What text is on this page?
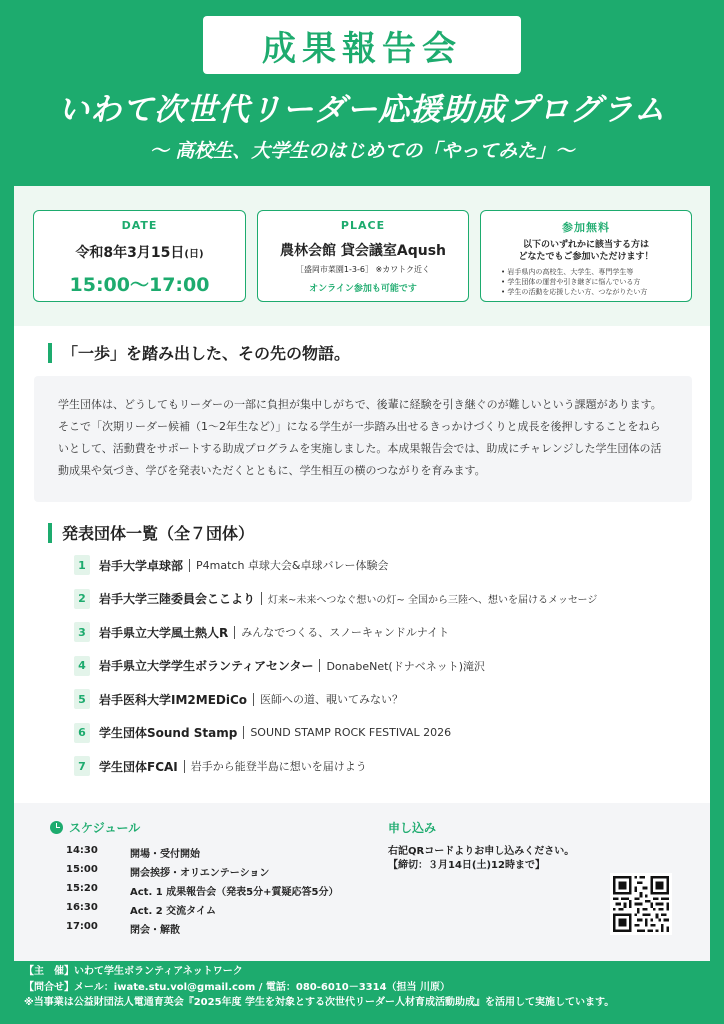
成果報告会
いわて次世代リーダー応援助成プログラム
～ 高校生、大学生のはじめての「やってみた」～
DATE
令和8年3月15日(日)
15:00～17:00
PLACE
農林会館 貸会議室Aqush
［盛岡市菜園1-3-6］ ※カワトク近く
オンライン参加も可能です
参加無料
以下のいずれかに該当する方は
どなたでもご参加いただけます！
• 岩手県内の高校生、大学生、専門学生等
• 学生団体の運営や引き継ぎに悩んでいる方
• 学生の活動を応援したい方、つながりたい方
「一歩」を踏み出した、その先の物語。
学生団体は、どうしてもリーダーの一部に負担が集中しがちで、後輩に経験を引き継ぐのが難しいという課題があります。そこで「次期リーダー候補（1～2年生など）」になる学生が一歩踏み出せるきっかけづくりと成長を後押しすることをねらいとして、活動費をサポートする助成プログラムを実施しました。本成果報告会では、助成にチャレンジした学生団体の活動成果や気づき、学びを発表いただくとともに、学生相互の横のつながりを育みます。
発表団体一覧（全７団体）
1	岩手大学卓球部 P4match 卓球大会&卓球バレー体験会
2	岩手大学三陸委員会ここより 灯来~未来へつなぐ想いの灯~ 全国から三陸へ、想いを届けるメッセージ
3	岩手県立大学風土熱人R みんなでつくる、スノーキャンドルナイト
4	岩手県立大学学生ボランティアセンター DonabeNet(ドナベネット)滝沢
5	岩手医科大学IM2MEDiCo 医師への道、覗いてみない？
6	学生団体Sound Stamp SOUND STAMP ROCK FESTIVAL 2026
7	学生団体FCAI 岩手から能登半島に想いを届けよう
スケジュール
14:30	開場・受付開始
15:00	開会挨拶・オリエンテーション
15:20	Act. 1 成果報告会（発表5分+質疑応答5分）
16:30	Act. 2 交流タイム
17:00	閉会・解散
申し込み
右記QRコードよりお申し込みください。
【締切：３月14日(土)12時まで】
【主　催】いわて学生ボランティアネットワーク
【問合せ】メール：iwate.stu.vol@gmail.com / 電話：080-6010－3314（担当 川原）
※当事業は公益財団法人電通育英会『2025年度 学生を対象とする次世代リーダー人材育成活動助成』を活用して実施しています。
